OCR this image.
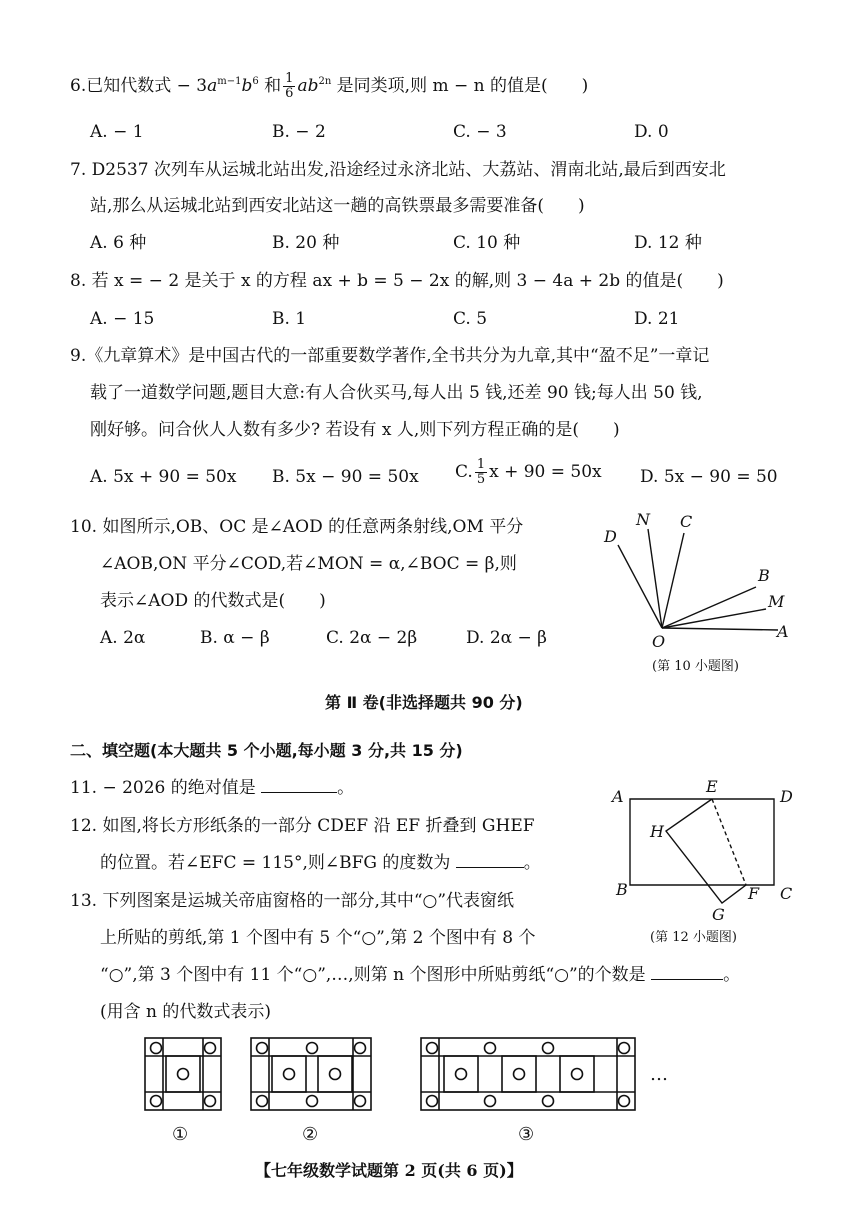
6.已知代数式 − $3a^{m-1}b^6$ 和 $\frac{1}{6} ab^{2n}$ 是同类项,则 m − n 的值是( )
A. − 1	B. − 2	C. − 3	D. 0
7. D2537 次列车从运城北站出发,沿途经过永济北站、大荔站、渭南北站,最后到西安北
站,那么从运城北站到西安北站这一趟的高铁票最多需要准备( )
A. 6 种	B. 20 种	C. 10 种	D. 12 种
8. 若 x = − 2 是关于 x 的方程 ax + b = 5 − 2x 的解,则 3 − 4a + 2b 的值是( )
A. − 15	B. 1	C. 5	D. 21
9.《九章算术》是中国古代的一部重要数学著作,全书共分为九章,其中“盈不足”一章记
载了一道数学问题,题目大意:有人合伙买马,每人出 5 钱,还差 90 钱;每人出 50 钱,
刚好够。问合伙人人数有多少? 若设有 x 人,则下列方程正确的是( )
A. 5x + 90 = 50x B. 5x − 90 = 50x C. $\frac{1}{5}$ x + 90 = 50x D. 5x − 90 = 50
10. 如图所示,OB、OC 是∠AOD 的任意两条射线,OM 平分
∠AOB,ON 平分∠COD,若∠MON = α,∠BOC = β,则
表示∠AOD 的代数式是( )
A. 2α	B. α − β	C. 2α − 2β	D. 2α − β
D
N C
B
M
A
O
(第 10 小题图)
第 Ⅱ 卷(非选择题共 90 分)
二、填空题(本大题共 5 个小题,每小题 3 分,共 15 分)
11. − 2026 的绝对值是	。
12. 如图,将长方形纸条的一部分 CDEF 沿 EF 折叠到 GHEF
的位置。若∠EFC = 115°,则∠BFG 的度数为	。
A
E
D
H
B	F C
G
(第 12 小题图)
13. 下列图案是运城关帝庙窗格的一部分,其中“○”代表窗纸
上所贴的剪纸,第 1 个图中有 5 个“○”,第 2 个图中有 8 个
“○”,第 3 个图中有 11 个“○”,…,则第 n 个图形中所贴剪纸“○”的个数是	。
(用含 n 的代数式表示)
①	②	③
…
【七年级数学试题第 2 页(共 6 页)】
